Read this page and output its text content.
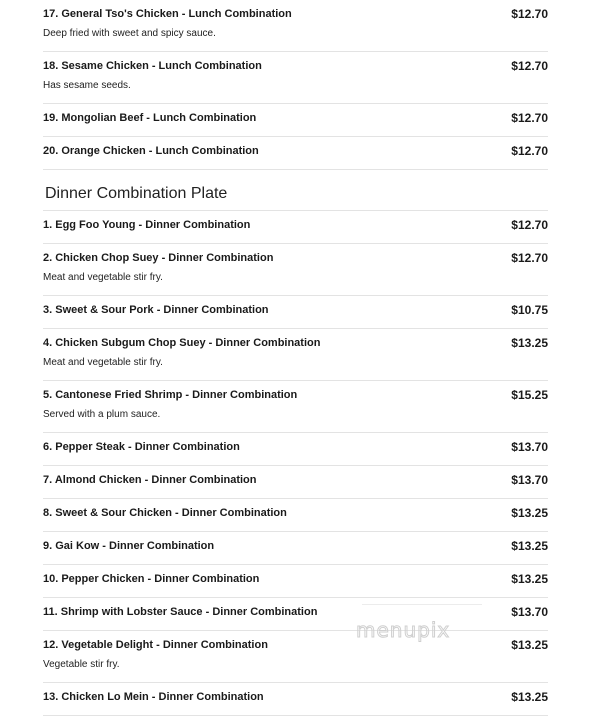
17. General Tso's Chicken - Lunch Combination	$12.70
Deep fried with sweet and spicy sauce.
18. Sesame Chicken - Lunch Combination	$12.70
Has sesame seeds.
19. Mongolian Beef - Lunch Combination	$12.70
20. Orange Chicken - Lunch Combination	$12.70
Dinner Combination Plate
1. Egg Foo Young - Dinner Combination	$12.70
2. Chicken Chop Suey - Dinner Combination	$12.70
Meat and vegetable stir fry.
3. Sweet & Sour Pork - Dinner Combination	$10.75
4. Chicken Subgum Chop Suey - Dinner Combination	$13.25
Meat and vegetable stir fry.
5. Cantonese Fried Shrimp - Dinner Combination	$15.25
Served with a plum sauce.
6. Pepper Steak - Dinner Combination	$13.70
7. Almond Chicken - Dinner Combination	$13.70
8. Sweet & Sour Chicken - Dinner Combination	$13.25
9. Gai Kow - Dinner Combination	$13.25
10. Pepper Chicken - Dinner Combination	$13.25
11. Shrimp with Lobster Sauce - Dinner Combination	$13.70
12. Vegetable Delight - Dinner Combination	$13.25
Vegetable stir fry.
13. Chicken Lo Mein - Dinner Combination	$13.25
menupix
